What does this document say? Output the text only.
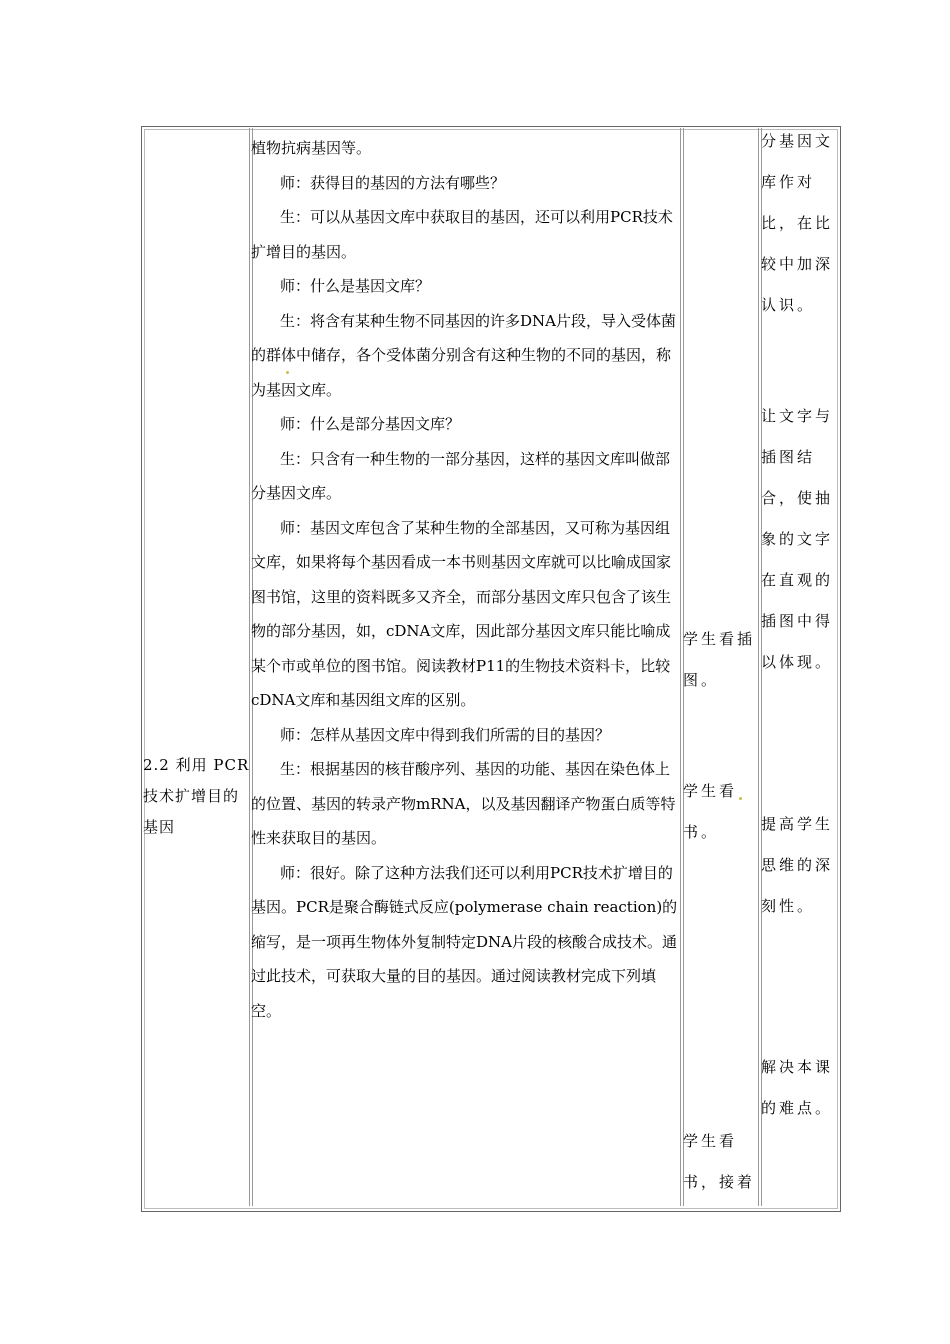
2.2 利用 PCR技术扩增目的基因

植物抗病基因等。

师：获得目的基因的方法有哪些？

生：可以从基因文库中获取目的基因，还可以利用PCR技术扩增目的基因。

师：什么是基因文库？

生：将含有某种生物不同基因的许多DNA片段，导入受体菌的群体中储存，各个受体菌分别含有这种生物的不同的基因，称为基因文库。

师：什么是部分基因文库？

生：只含有一种生物的一部分基因，这样的基因文库叫做部分基因文库。

师：基因文库包含了某种生物的全部基因，又可称为基因组文库，如果将每个基因看成一本书则基因文库就可以比喻成国家图书馆，这里的资料既多又齐全，而部分基因文库只包含了该生物的部分基因，如，cDNA文库，因此部分基因文库只能比喻成某个市或单位的图书馆。阅读教材P11的生物技术资料卡，比较cDNA文库和基因组文库的区别。

师：怎样从基因文库中得到我们所需的目的基因？

生：根据基因的核苷酸序列、基因的功能、基因在染色体上的位置、基因的转录产物mRNA，以及基因翻译产物蛋白质等特性来获取目的基因。

师：很好。除了这种方法我们还可以利用PCR技术扩增目的基因。PCR是聚合酶链式反应(polymerase chain reaction)的缩写，是一项再生物体外复制特定DNA片段的核酸合成技术。通过此技术，可获取大量的目的基因。通过阅读教材完成下列填空。

学生看插图。

学生看书。

学生看书，接着

分基因文库作对比，在比较中加深认识。

让文字与插图结合，使抽象的文字在直观的插图中得以体现。

提高学生思维的深刻性。

解决本课的难点。
